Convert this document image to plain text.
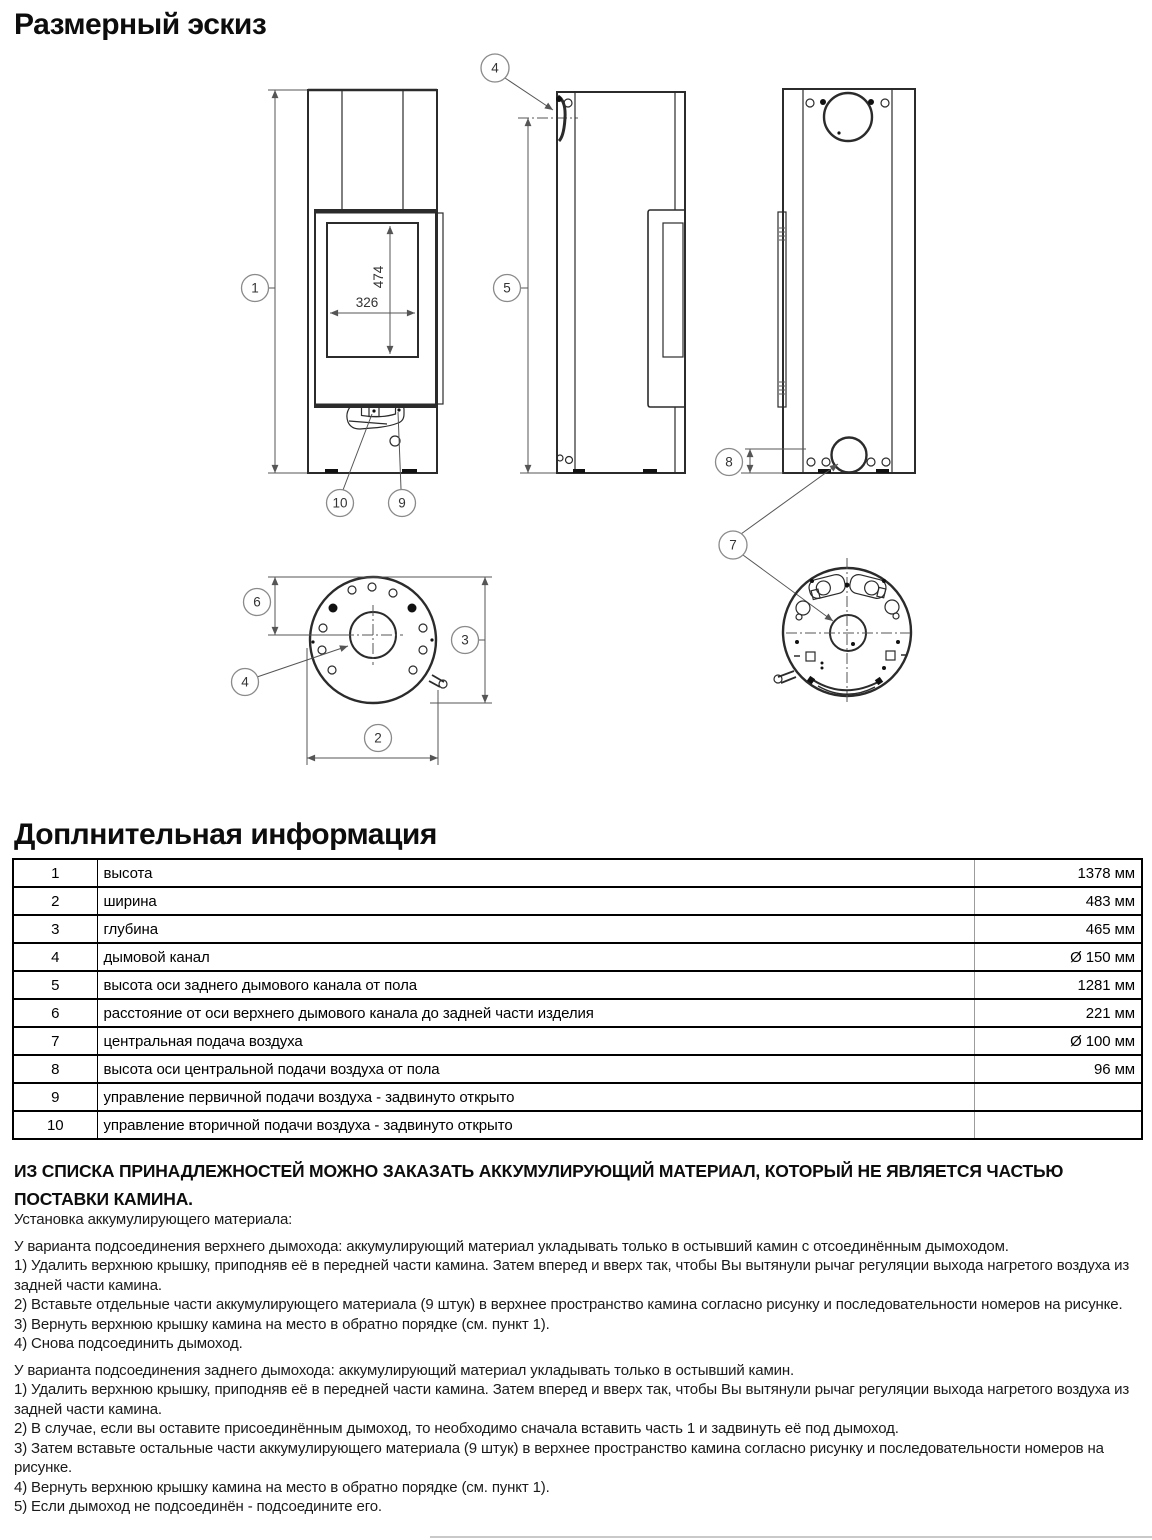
Размерный эскиз
474
326
1
10	9
5
4
8
7
6
3
2
4
Доплнительная информация
1	высота	1378 мм
2	ширина	483 мм
3	глубина	465 мм
4	дымовой канал	Ø 150 мм
5	высота оси заднего дымового канала от пола	1281 мм
6	расстояние от оси верхнего дымового канала до задней части изделия	221 мм
7	центральная подача воздуха	Ø 100 мм
8	высота оси центральной подачи воздуха от пола	96 мм
9	управление первичной подачи воздуха - задвинуто открыто	
10	управление вторичной подачи воздуха - задвинуто открыто	

ИЗ СПИСКА ПРИНАДЛЕЖНОСТЕЙ МОЖНО ЗАКАЗАТЬ АККУМУЛИРУЮЩИЙ МАТЕРИАЛ, КОТОРЫЙ НЕ ЯВЛЯЕТСЯ ЧАСТЬЮ ПОСТАВКИ КАМИНА.

Установка аккумулирующего материала:
У варианта подсоединения верхнего дымохода: аккумулирующий материал укладывать только в остывший камин с отсоединённым дымоходом.
1) Удалить верхнюю крышку, приподняв её в передней части камина. Затем вперед и вверх так, чтобы Вы вытянули рычаг регуляции выхода нагретого воздуха из задней части камина.
2) Вставьте отдельные части аккумулирующего материала (9 штук) в верхнее пространство камина согласно рисунку и последовательности номеров на рисунке.
3) Вернуть верхнюю крышку камина на место в обратно порядке (см. пункт 1).
4) Снова подсоединить дымоход.
У варианта подсоединения заднего дымохода: аккумулирующий материал укладывать только в остывший камин.
1) Удалить верхнюю крышку, приподняв её в передней части камина. Затем вперед и вверх так, чтобы Вы вытянули рычаг регуляции выхода нагретого воздуха из задней части камина.
2) В случае, если вы оставите присоединённым дымоход, то необходимо сначала вставить часть 1 и задвинуть её под дымоход.
3) Затем вставьте остальные части аккумулирующего материала (9 штук) в верхнее пространство камина согласно рисунку и последовательности номеров на рисунке.
4) Вернуть верхнюю крышку камина на место в обратно порядке (см. пункт 1).
5) Если дымоход не подсоединён - подсоедините его.
